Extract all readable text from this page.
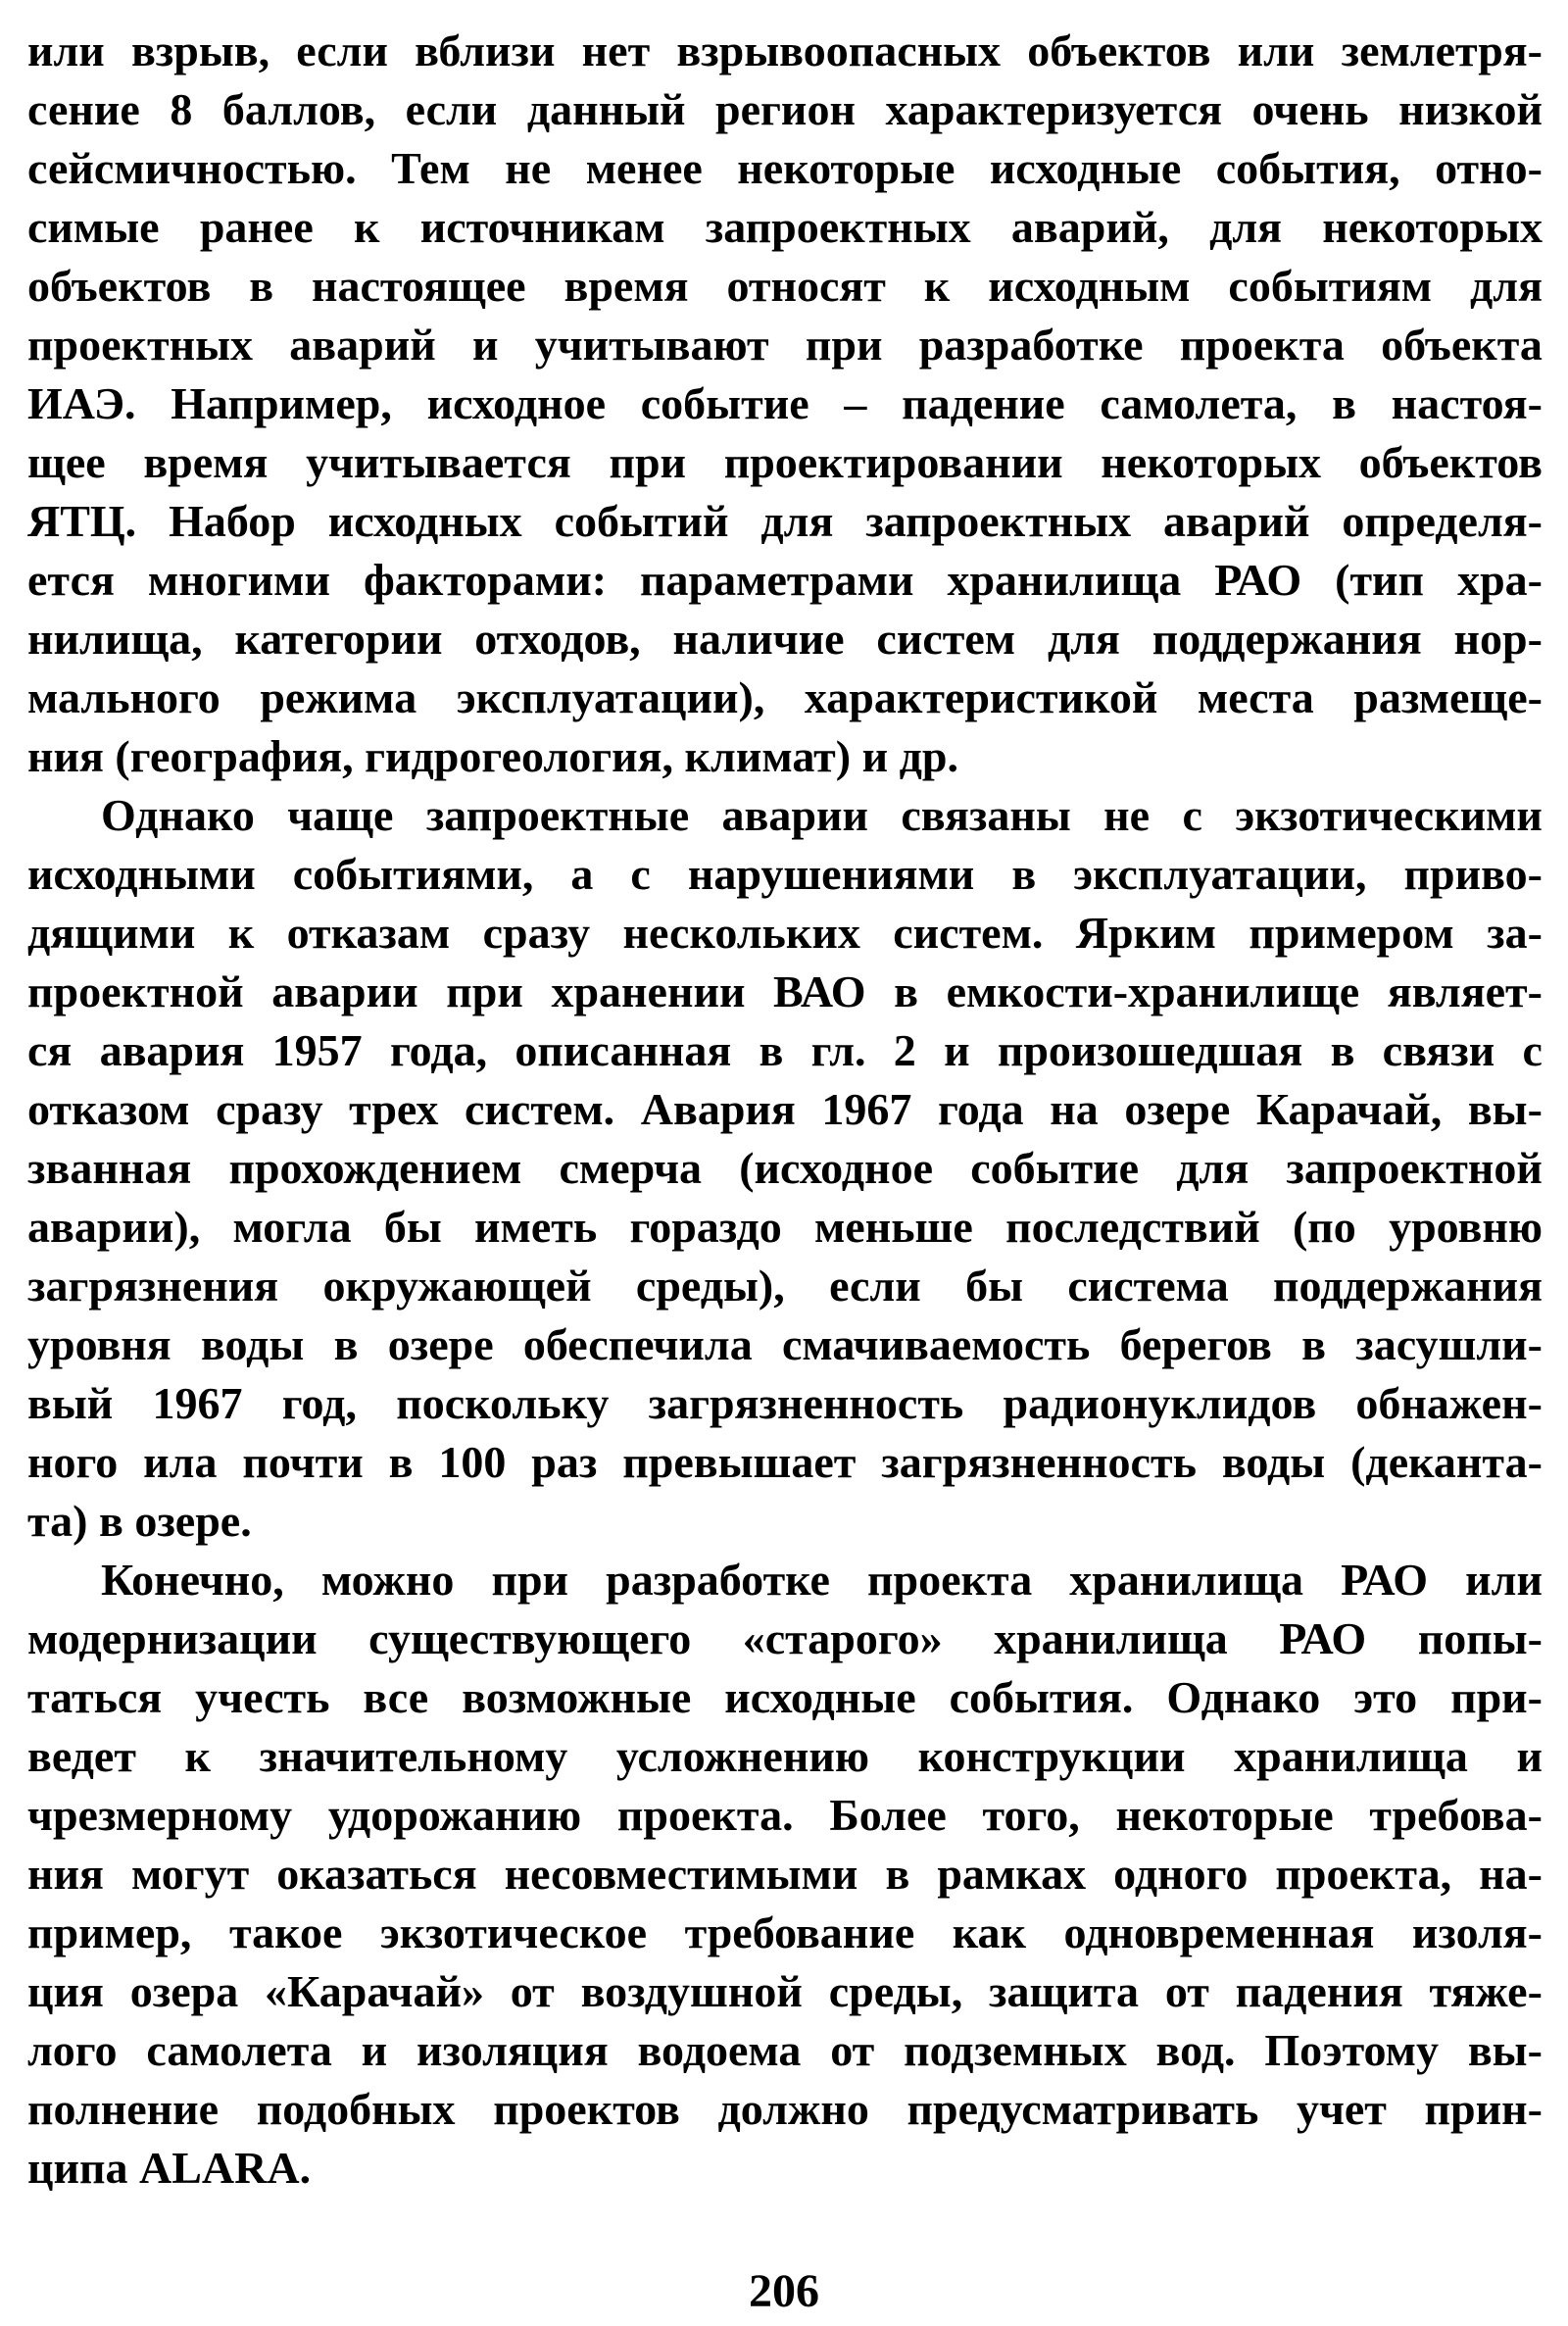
или взрыв, если вблизи нет взрывоопасных объектов или землетря-
сение 8 баллов, если данный регион характеризуется очень низкой
сейсмичностью. Тем не менее некоторые исходные события, отно-
симые ранее к источникам запроектных аварий, для некоторых
объектов в настоящее время относят к исходным событиям для
проектных аварий и учитывают при разработке проекта объекта
ИАЭ. Например, исходное событие – падение самолета, в настоя-
щее время учитывается при проектировании некоторых объектов
ЯТЦ. Набор исходных событий для запроектных аварий определя-
ется многими факторами: параметрами хранилища РАО (тип хра-
нилища, категории отходов, наличие систем для поддержания нор-
мального режима эксплуатации), характеристикой места размеще-
ния (география, гидрогеология, климат) и др.
Однако чаще запроектные аварии связаны не с экзотическими
исходными событиями, а с нарушениями в эксплуатации, приво-
дящими к отказам сразу нескольких систем. Ярким примером за-
проектной аварии при хранении ВАО в емкости-хранилище являет-
ся авария 1957 года, описанная в гл. 2 и произошедшая в связи с
отказом сразу трех систем. Авария 1967 года на озере Карачай, вы-
званная прохождением смерча (исходное событие для запроектной
аварии), могла бы иметь гораздо меньше последствий (по уровню
загрязнения окружающей среды), если бы система поддержания
уровня воды в озере обеспечила смачиваемость берегов в засушли-
вый 1967 год, поскольку загрязненность радионуклидов обнажен-
ного ила почти в 100 раз превышает загрязненность воды (деканта-
та) в озере.
Конечно, можно при разработке проекта хранилища РАО или
модернизации существующего «старого» хранилища РАО попы-
таться учесть все возможные исходные события. Однако это при-
ведет к значительному усложнению конструкции хранилища и
чрезмерному удорожанию проекта. Более того, некоторые требова-
ния могут оказаться несовместимыми в рамках одного проекта, на-
пример, такое экзотическое требование как одновременная изоля-
ция озера «Карачай» от воздушной среды, защита от падения тяже-
лого самолета и изоляция водоема от подземных вод. Поэтому вы-
полнение подобных проектов должно предусматривать учет прин-
ципа ALARA.
206
